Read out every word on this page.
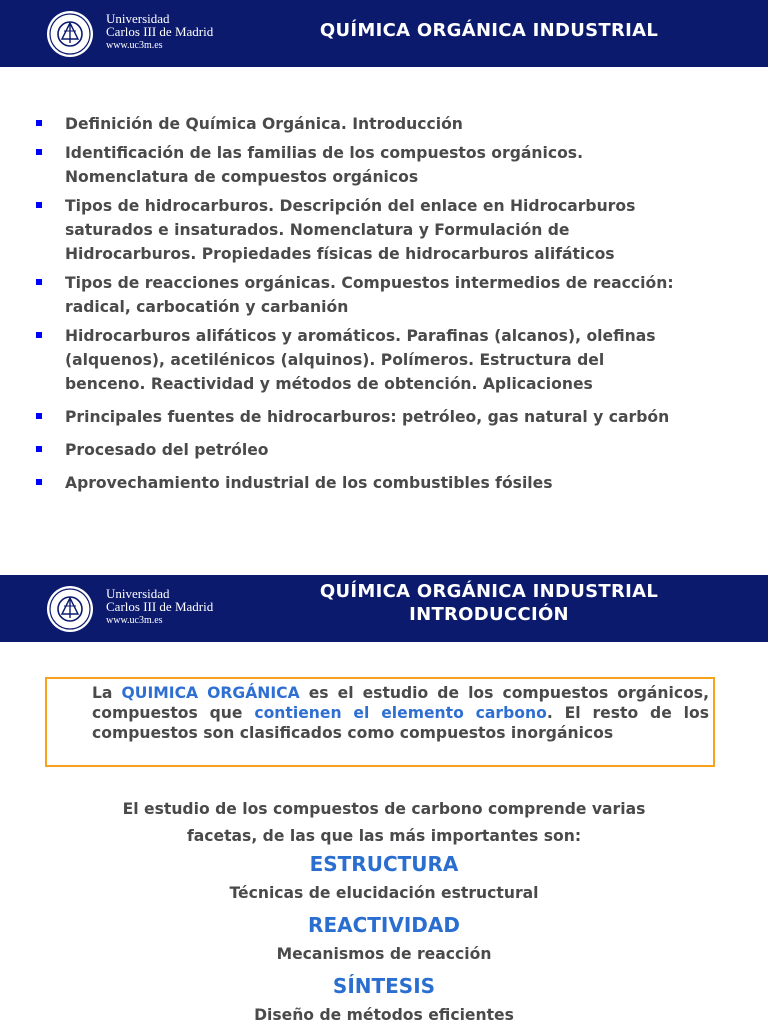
Universidad
Carlos III de Madrid
www.uc3m.es
QUÍMICA ORGÁNICA INDUSTRIAL
Definición de Química Orgánica. Introducción
Identificación de las familias de los compuestos orgánicos.
Nomenclatura de compuestos orgánicos
Tipos de hidrocarburos. Descripción del enlace en Hidrocarburos
saturados e insaturados. Nomenclatura y Formulación de
Hidrocarburos. Propiedades físicas de hidrocarburos alifáticos
Tipos de reacciones orgánicas. Compuestos intermedios de reacción:
radical, carbocatión y carbanión
Hidrocarburos alifáticos y aromáticos. Parafinas (alcanos), olefinas
(alquenos), acetilénicos (alquinos). Polímeros. Estructura del
benceno. Reactividad y métodos de obtención. Aplicaciones
Principales fuentes de hidrocarburos: petróleo, gas natural y carbón
Procesado del petróleo
Aprovechamiento industrial de los combustibles fósiles
Universidad
Carlos III de Madrid
www.uc3m.es
QUÍMICA ORGÁNICA INDUSTRIAL
INTRODUCCIÓN
La QUIMICA ORGÁNICA es el estudio de los compuestos orgánicos, compuestos que contienen el elemento carbono. El resto de los compuestos son clasificados como compuestos inorgánicos
El estudio de los compuestos de carbono comprende varias
facetas, de las que las más importantes son:
ESTRUCTURA
Técnicas de elucidación estructural
REACTIVIDAD
Mecanismos de reacción
SÍNTESIS
Diseño de métodos eficientes
